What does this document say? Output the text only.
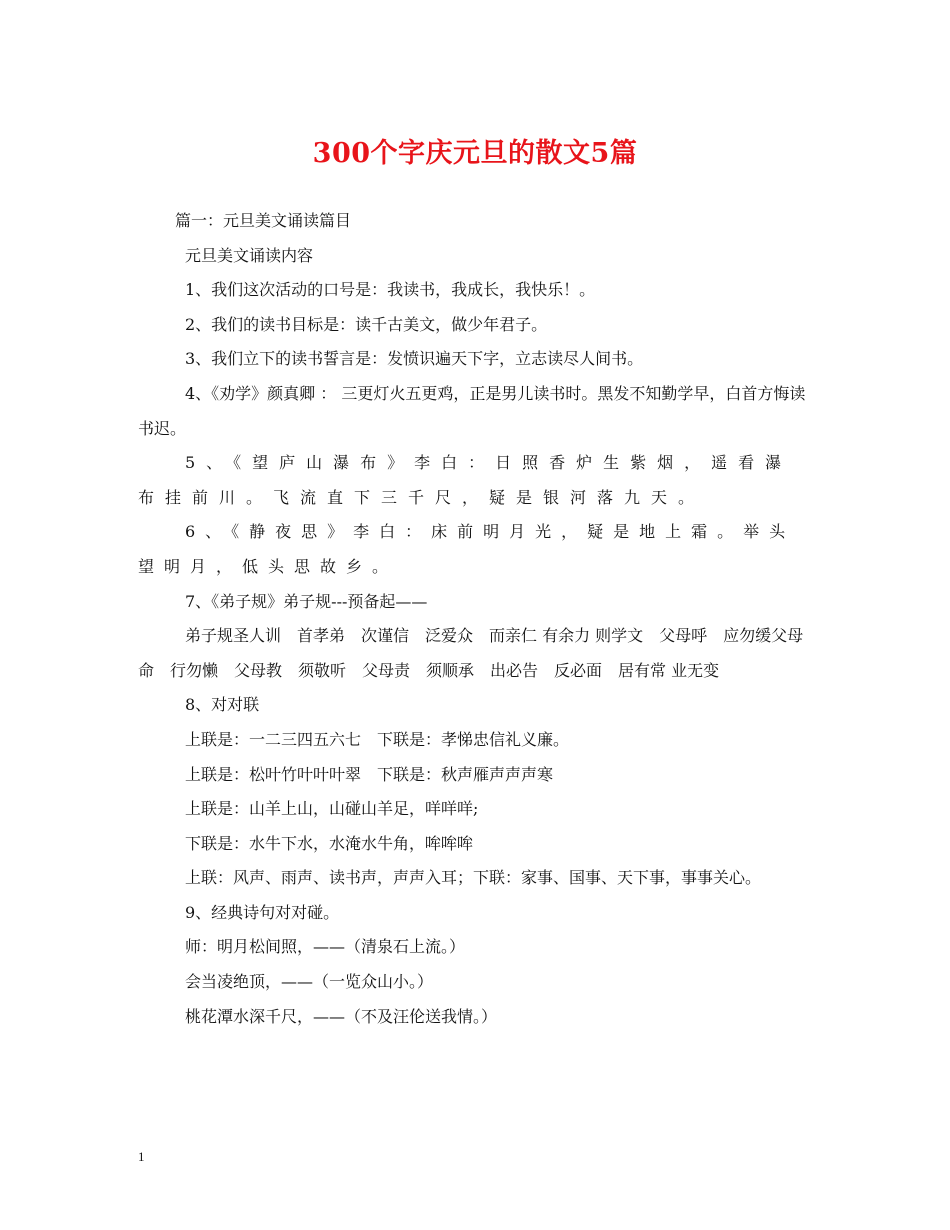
300个字庆元旦的散文5篇

篇一：元旦美文诵读篇目

元旦美文诵读内容

1、我们这次活动的口号是：我读书，我成长，我快乐！。

2、我们的读书目标是：读千古美文，做少年君子。

3、我们立下的读书誓言是：发愤识遍天下字，立志读尽人间书。

4、《劝学》颜真卿 ： 三更灯火五更鸡，正是男儿读书时。黑发不知勤学早，白首方悔读书迟。

5、《望庐山瀑布》李白：日照香炉生紫烟，遥看瀑布挂前川。飞流直下三千尺，疑是银河落九天。

6、《静夜思》李白：床前明月光，疑是地上霜。举头望明月，低头思故乡。

7、《弟子规》弟子规---预备起——

弟子规圣人训　首孝弟　次谨信　泛爱众　而亲仁 有余力 则学文　父母呼　应勿缓父母命　行勿懒　父母教　须敬听　父母责　须顺承　出必告　反必面　居有常 业无变

8、对对联

上联是：一二三四五六七　下联是：孝悌忠信礼义廉。

上联是：松叶竹叶叶叶翠　下联是：秋声雁声声声寒

上联是：山羊上山，山碰山羊足，咩咩咩;

下联是：水牛下水，水淹水牛角，哞哞哞

上联：风声、雨声、读书声，声声入耳；下联：家事、国事、天下事，事事关心。

9、经典诗句对对碰。

师：明月松间照，——（清泉石上流。）

会当凌绝顶，——（一览众山小。）

桃花潭水深千尺，——（不及汪伦送我情。）

1
